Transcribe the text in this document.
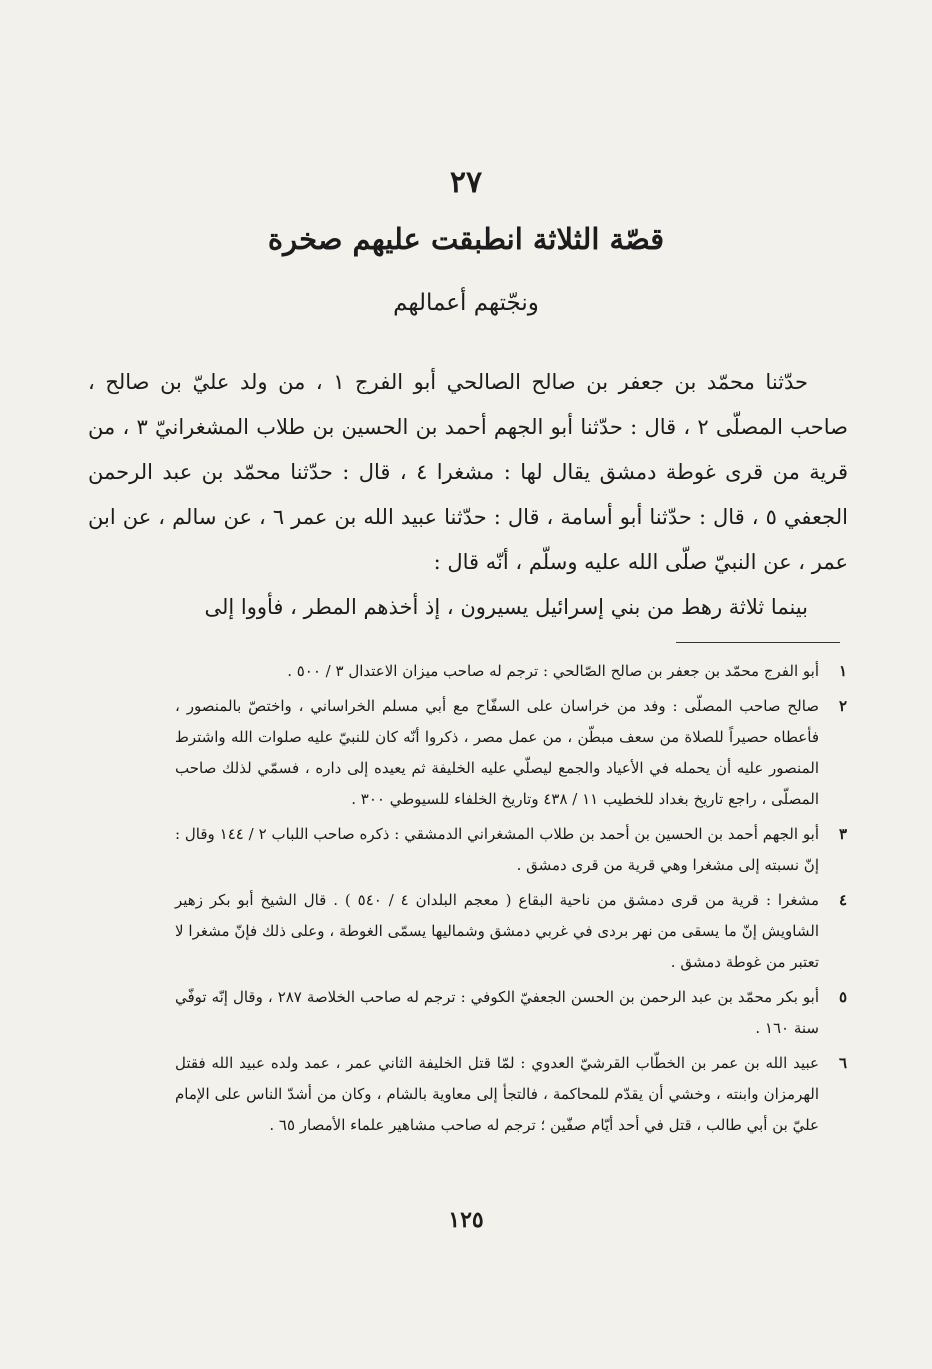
٢٧
قصّة الثلاثة انطبقت عليهم صخرة
ونجّتهم أعمالهم

حدّثنا محمّد بن جعفر بن صالح الصالحي أبو الفرج ١ ، من ولد عليّ بن صالح ، صاحب المصلّى ٢ ، قال : حدّثنا أبو الجهم أحمد بن الحسين بن طلاب المشغرانيّ ٣ ، من قرية من قرى غوطة دمشق يقال لها : مشغرا ٤ ، قال : حدّثنا محمّد بن عبد الرحمن الجعفي ٥ ، قال : حدّثنا أبو أسامة ، قال : حدّثنا عبيد الله بن عمر ٦ ، عن سالم ، عن ابن عمر ، عن النبيّ صلّى الله عليه وسلّم ، أنّه قال :

بينما ثلاثة رهط من بني إسرائيل يسيرون ، إذ أخذهم المطر ، فأووا إلى

١
أبو الفرج محمّد بن جعفر بن صالح الصّالحي : ترجم له صاحب ميزان الاعتدال ٣ / ٥٠٠ .
٢
صالح صاحب المصلّى : وفد من خراسان على السفّاح مع أبي مسلم الخراساني ، واختصّ بالمنصور ، فأعطاه حصيراً للصلاة من سعف مبطّن ، من عمل مصر ، ذكروا أنّه كان للنبيّ عليه صلوات الله واشترط المنصور عليه أن يحمله في الأعياد والجمع ليصلّي عليه الخليفة ثم يعيده إلى داره ، فسمّي لذلك صاحب المصلّى ، راجع تاريخ بغداد للخطيب ١١ / ٤٣٨ وتاريخ الخلفاء للسيوطي ٣٠٠ .
٣
أبو الجهم أحمد بن الحسين بن أحمد بن طلاب المشغراني الدمشقي : ذكره صاحب اللباب ٢ / ١٤٤ وقال : إنّ نسبته إلى مشغرا وهي قرية من قرى دمشق .
٤
مشغرا : قرية من قرى دمشق من ناحية البقاع ( معجم البلدان ٤ / ٥٤٠ ) . قال الشيخ أبو بكر زهير الشاويش إنّ ما يسقى من نهر بردى في غربي دمشق وشماليها يسمّى الغوطة ، وعلى ذلك فإنّ مشغرا لا تعتبر من غوطة دمشق .
٥
أبو بكر محمّد بن عبد الرحمن بن الحسن الجعفيّ الكوفي : ترجم له صاحب الخلاصة ٢٨٧ ، وقال إنّه توفّي سنة ١٦٠ .
٦
عبيد الله بن عمر بن الخطّاب القرشيّ العدوي : لمّا قتل الخليفة الثاني عمر ، عمد ولده عبيد الله فقتل الهرمزان وابنته ، وخشي أن يقدّم للمحاكمة ، فالتجأ إلى معاوية بالشام ، وكان من أشدّ الناس على الإمام عليّ بن أبي طالب ، قتل في أحد أيّام صفّين ؛ ترجم له صاحب مشاهير علماء الأمصار ٦٥ .
١٢٥
